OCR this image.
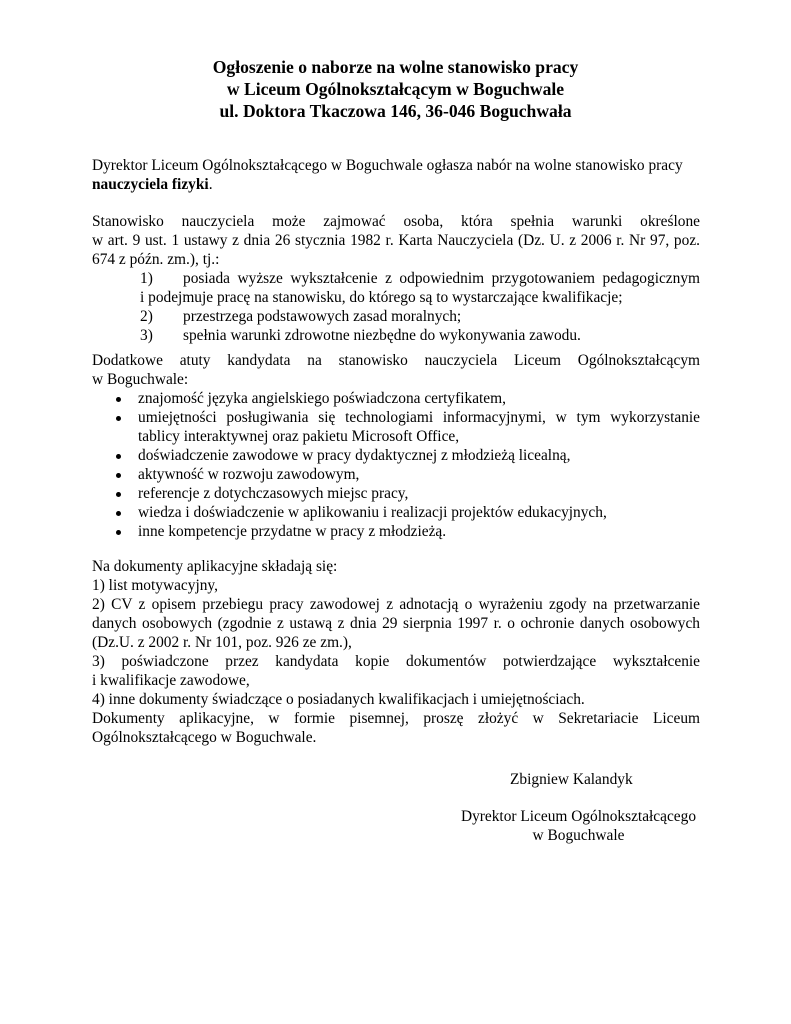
Ogłoszenie o naborze na wolne stanowisko pracy
w Liceum Ogólnokształcącym w Boguchwale
ul. Doktora Tkaczowa 146, 36-046 Boguchwała
Dyrektor Liceum Ogólnokształcącego w Boguchwale ogłasza nabór na wolne stanowisko pracy
nauczyciela fizyki.
Stanowisko nauczyciela może zajmować osoba, która spełnia warunki określone
w art. 9 ust. 1 ustawy z dnia 26 stycznia 1982 r. Karta Nauczyciela (Dz. U. z 2006 r. Nr 97, poz.
674 z późn. zm.), tj.:
1)	posiada wyższe wykształcenie z odpowiednim przygotowaniem pedagogicznym
i podejmuje pracę na stanowisku, do którego są to wystarczające kwalifikacje;
2)	przestrzega podstawowych zasad moralnych;
3)	spełnia warunki zdrowotne niezbędne do wykonywania zawodu.
Dodatkowe atuty kandydata na stanowisko nauczyciela Liceum Ogólnokształcącym
w Boguchwale:
znajomość języka angielskiego poświadczona certyfikatem,
umiejętności posługiwania się technologiami informacyjnymi, w tym wykorzystanie
tablicy interaktywnej oraz pakietu Microsoft Office,
doświadczenie zawodowe w pracy dydaktycznej z młodzieżą licealną,
aktywność w rozwoju zawodowym,
referencje z dotychczasowych miejsc pracy,
wiedza i doświadczenie w aplikowaniu i realizacji projektów edukacyjnych,
inne kompetencje przydatne w pracy z młodzieżą.
Na dokumenty aplikacyjne składają się:
1) list motywacyjny,
2) CV z opisem przebiegu pracy zawodowej z adnotacją o wyrażeniu zgody na przetwarzanie
danych osobowych (zgodnie z ustawą z dnia 29 sierpnia 1997 r. o ochronie danych osobowych
(Dz.U. z 2002 r. Nr 101, poz. 926 ze zm.),
3) poświadczone przez kandydata kopie dokumentów potwierdzające wykształcenie
i kwalifikacje zawodowe,
4) inne dokumenty świadczące o posiadanych kwalifikacjach i umiejętnościach.
Dokumenty aplikacyjne, w formie pisemnej, proszę złożyć w Sekretariacie Liceum
Ogólnokształcącego w Boguchwale.
Zbigniew Kalandyk
Dyrektor Liceum Ogólnokształcącego
w Boguchwale
